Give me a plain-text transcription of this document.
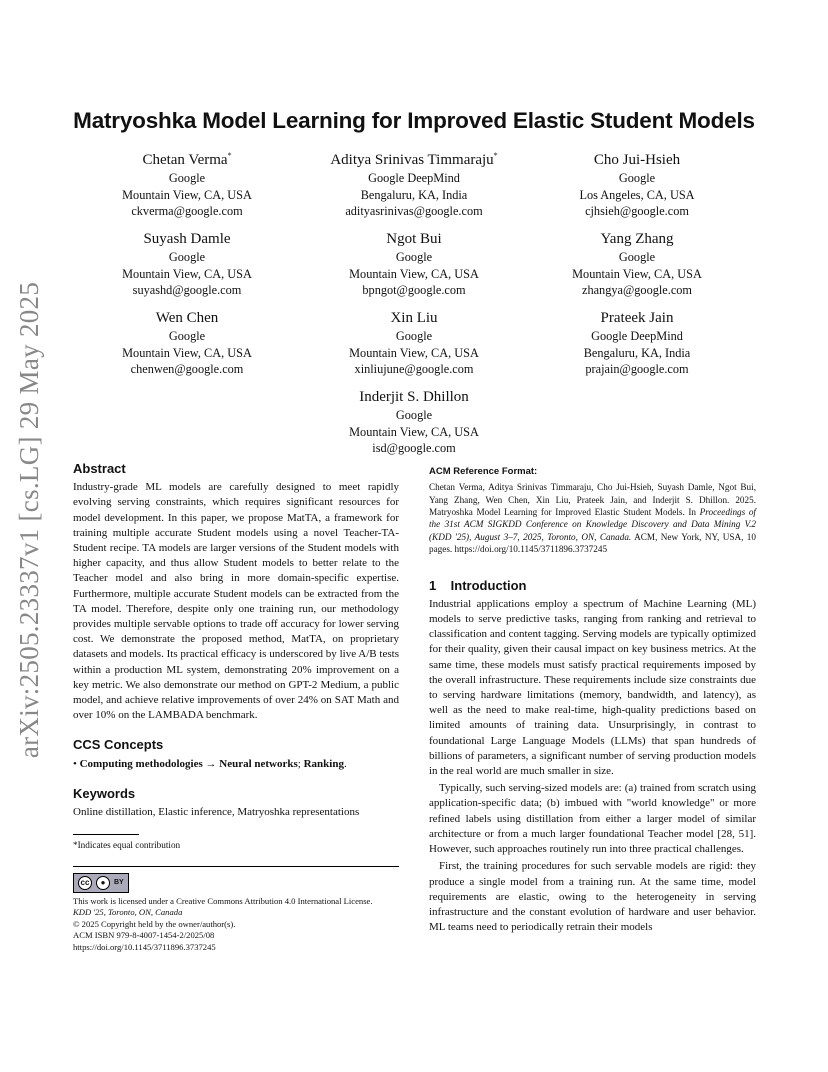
arXiv:2505.23337v1 [cs.LG] 29 May 2025
Matryoshka Model Learning for Improved Elastic Student Models
Chetan Verma*
Google
Mountain View, CA, USA
ckverma@google.com
Aditya Srinivas Timmaraju*
Google DeepMind
Bengaluru, KA, India
adityasrinivas@google.com
Cho Jui-Hsieh
Google
Los Angeles, CA, USA
cjhsieh@google.com
Suyash Damle
Google
Mountain View, CA, USA
suyashd@google.com
Ngot Bui
Google
Mountain View, CA, USA
bpngot@google.com
Yang Zhang
Google
Mountain View, CA, USA
zhangya@google.com
Wen Chen
Google
Mountain View, CA, USA
chenwen@google.com
Xin Liu
Google
Mountain View, CA, USA
xinliujune@google.com
Prateek Jain
Google DeepMind
Bengaluru, KA, India
prajain@google.com
Inderjit S. Dhillon
Google
Mountain View, CA, USA
isd@google.com
Abstract

Industry-grade ML models are carefully designed to meet rapidly evolving serving constraints, which requires significant resources for model development. In this paper, we propose MatTA, a framework for training multiple accurate Student models using a novel Teacher-TA-Student recipe. TA models are larger versions of the Student models with higher capacity, and thus allow Student models to better relate to the Teacher model and also bring in more domain-specific expertise. Furthermore, multiple accurate Student models can be extracted from the TA model. Therefore, despite only one training run, our methodology provides multiple servable options to trade off accuracy for lower serving cost. We demonstrate the proposed method, MatTA, on proprietary datasets and models. Its practical efficacy is underscored by live A/B tests within a production ML system, demonstrating 20% improvement on a key metric. We also demonstrate our method on GPT-2 Medium, a public model, and achieve relative improvements of over 24% on SAT Math and over 10% on the LAMBADA benchmark.

CCS Concepts

• Computing methodologies → Neural networks; Ranking.

Keywords

Online distillation, Elastic inference, Matryoshka representations

*Indicates equal contribution

cc	●	BY
This work is licensed under a Creative Commons Attribution 4.0 International License.
KDD '25, Toronto, ON, Canada
© 2025 Copyright held by the owner/author(s).
ACM ISBN 979-8-4007-1454-2/2025/08
https://doi.org/10.1145/3711896.3737245
ACM Reference Format:

Chetan Verma, Aditya Srinivas Timmaraju, Cho Jui-Hsieh, Suyash Damle, Ngot Bui, Yang Zhang, Wen Chen, Xin Liu, Prateek Jain, and Inderjit S. Dhillon. 2025. Matryoshka Model Learning for Improved Elastic Student Models. In Proceedings of the 31st ACM SIGKDD Conference on Knowledge Discovery and Data Mining V.2 (KDD '25), August 3–7, 2025, Toronto, ON, Canada. ACM, New York, NY, USA, 10 pages. https://doi.org/10.1145/3711896.3737245

1    Introduction

Industrial applications employ a spectrum of Machine Learning (ML) models to serve predictive tasks, ranging from ranking and retrieval to classification and content tagging. Serving models are typically optimized for their quality, given their causal impact on key business metrics. At the same time, these models must satisfy practical requirements imposed by the overall infrastructure. These requirements include size constraints due to serving hardware limitations (memory, bandwidth, and latency), as well as the need to make real-time, high-quality predictions based on limited amounts of training data. Unsurprisingly, in contrast to foundational Large Language Models (LLMs) that span hundreds of billions of parameters, a significant number of serving production models in the real world are much smaller in size.

Typically, such serving-sized models are: (a) trained from scratch using application-specific data; (b) imbued with "world knowledge" or more refined labels using distillation from either a larger model of similar architecture or from a much larger foundational Teacher model [28, 51]. However, such approaches routinely run into three practical challenges.

First, the training procedures for such servable models are rigid: they produce a single model from a training run. At the same time, model requirements are elastic, owing to the heterogeneity in serving infrastructure and the constant evolution of hardware and user behavior. ML teams need to periodically retrain their models
